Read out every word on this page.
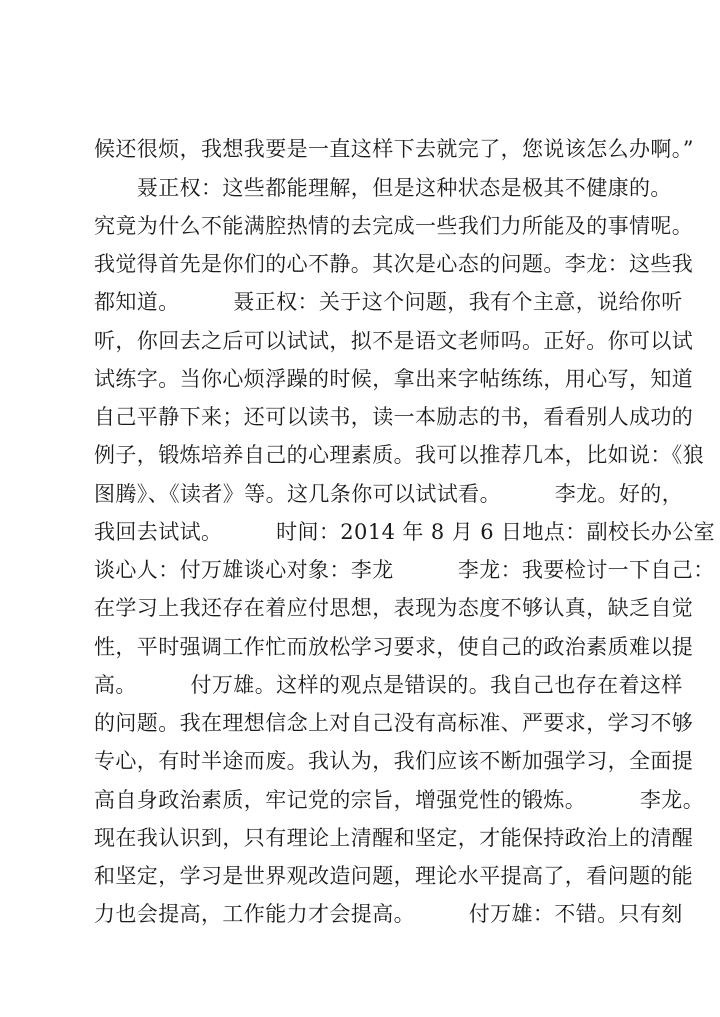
候还很烦，我想我要是一直这样下去就完了，您说该怎么办啊。”
　　聂正权：这些都能理解，但是这种状态是极其不健康的。
究竟为什么不能满腔热情的去完成一些我们力所能及的事情呢。
我觉得首先是你们的心不静。其次是心态的问题。李龙：这些我
都知道。　　　聂正权：关于这个问题，我有个主意，说给你听
听，你回去之后可以试试，拟不是语文老师吗。正好。你可以试
试练字。当你心烦浮躁的时候，拿出来字帖练练，用心写，知道
自己平静下来；还可以读书，读一本励志的书，看看别人成功的
例子，锻炼培养自己的心理素质。我可以推荐几本，比如说：《狼
图腾》、《读者》等。这几条你可以试试看。　　　李龙。好的，
我回去试试。　　　时间：2014 年 8 月 6 日地点：副校长办公室
谈心人：付万雄谈心对象：李龙　　　李龙：我要检讨一下自己：
在学习上我还存在着应付思想，表现为态度不够认真，缺乏自觉
性，平时强调工作忙而放松学习要求，使自己的政治素质难以提
高。　　　付万雄。这样的观点是错误的。我自己也存在着这样
的问题。我在理想信念上对自己没有高标准、严要求，学习不够
专心，有时半途而废。我认为，我们应该不断加强学习，全面提
高自身政治素质，牢记党的宗旨，增强党性的锻炼。　　　李龙。
现在我认识到，只有理论上清醒和坚定，才能保持政治上的清醒
和坚定，学习是世界观改造问题，理论水平提高了，看问题的能
力也会提高，工作能力才会提高。　　　付万雄：不错。只有刻
